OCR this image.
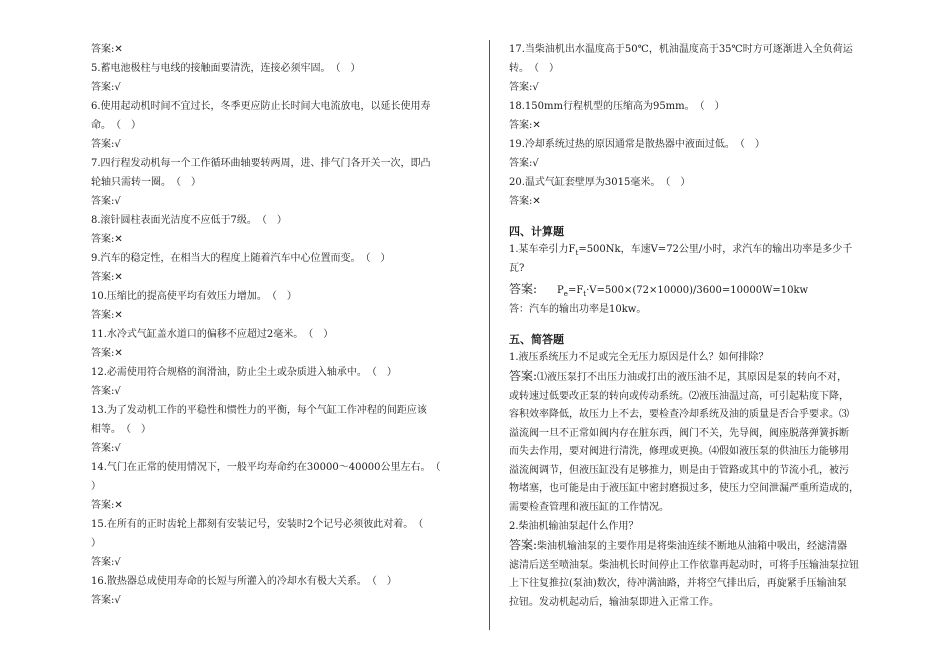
答案:✕
5.蓄电池极柱与电线的接触面要清洗，连接必须牢固。　（　）
答案:√
6.使用起动机时间不宜过长，冬季更应防止长时间大电流放电，以延长使用寿
命。　（　）
答案:√
7.四行程发动机每一个工作循环曲轴要转两周，进、排气门各开关一次，即凸
轮轴只需转一圈。　（　）
答案:√
8.滚针圆柱表面光洁度不应低于7级。　（　）
答案:✕
9.汽车的稳定性，在相当大的程度上随着汽车中心位置而变。　（　）
答案:✕
10.压缩比的提高使平均有效压力增加。　（　）
答案:✕
11.水冷式气缸盖水道口的偏移不应超过2毫米。　（　）
答案:✕
12.必需使用符合规格的润滑油，防止尘土或杂质进入轴承中。　（　）
答案:√
13.为了发动机工作的平稳性和惯性力的平衡，每个气缸工作冲程的间距应该
相等。　（　）
答案:√
14.气门在正常的使用情况下，一般平均寿命约在30000～40000公里左右。　（
）
答案:✕
15.在所有的正时齿轮上都刻有安装记号，安装时2个记号必须彼此对着。　（
）
答案:√
16.散热器总成使用寿命的长短与所灌入的冷却水有极大关系。　（　）
答案:√
17.当柴油机出水温度高于50℃，机油温度高于35℃时方可逐渐进入全负荷运
转。　（　）
答案:√
18.150mm行程机型的压缩高为95mm。　（　）
答案:✕
19.冷却系统过热的原因通常是散热器中液面过低。　（　）
答案:√
20.温式气缸套壁厚为3015毫米。　（　）
答案:✕
四、计算题
1.某车牵引力$F_t=500Nk$，车速V=72公里/小时，求汽车的输出功率是多少千
瓦?
答案:　　 $P_e=F_t\cdot V=500\times(72\times 10000)/3600=10000W=10kw$
答：汽车的输出功率是10kw。
五、简答题
1.液压系统压力不足或完全无压力原因是什么？如何排除？
答案:⑴液压泵打不出压力油或打出的液压油不足，其原因是泵的转向不对，
或转速过低要改正泵的转向或传动系统。⑵液压油温过高，可引起粘度下降，
容积效率降低，故压力上不去，要检查冷却系统及油的质量是否合乎要求。⑶
溢流阀一旦不正常如阀内存在脏东西，阀门不关，先导阀，阀座脱落弹簧拆断
而失去作用，要对阀进行清洗，修理或更换。⑷假如液压泵的供油压力能够用
溢流阀调节，但液压缸没有足够推力，则是由于管路或其中的节流小孔，被污
物堵塞，也可能是由于液压缸中密封磨损过多，使压力空间泄漏严重所造成的，
需要检查管理和液压缸的工作情况。
2.柴油机输油泵起什么作用？
答案:柴油机输油泵的主要作用是将柴油连续不断地从油箱中吸出，经滤清器
滤清后送至喷油泵。柴油机长时间停止工作依靠再起动时，可将手压输油泵拉钮
上下往复推拉(泵油)数次，待冲满油路，并将空气排出后，再旋紧手压输油泵
拉钮。发动机起动后，输油泵即进入正常工作。
